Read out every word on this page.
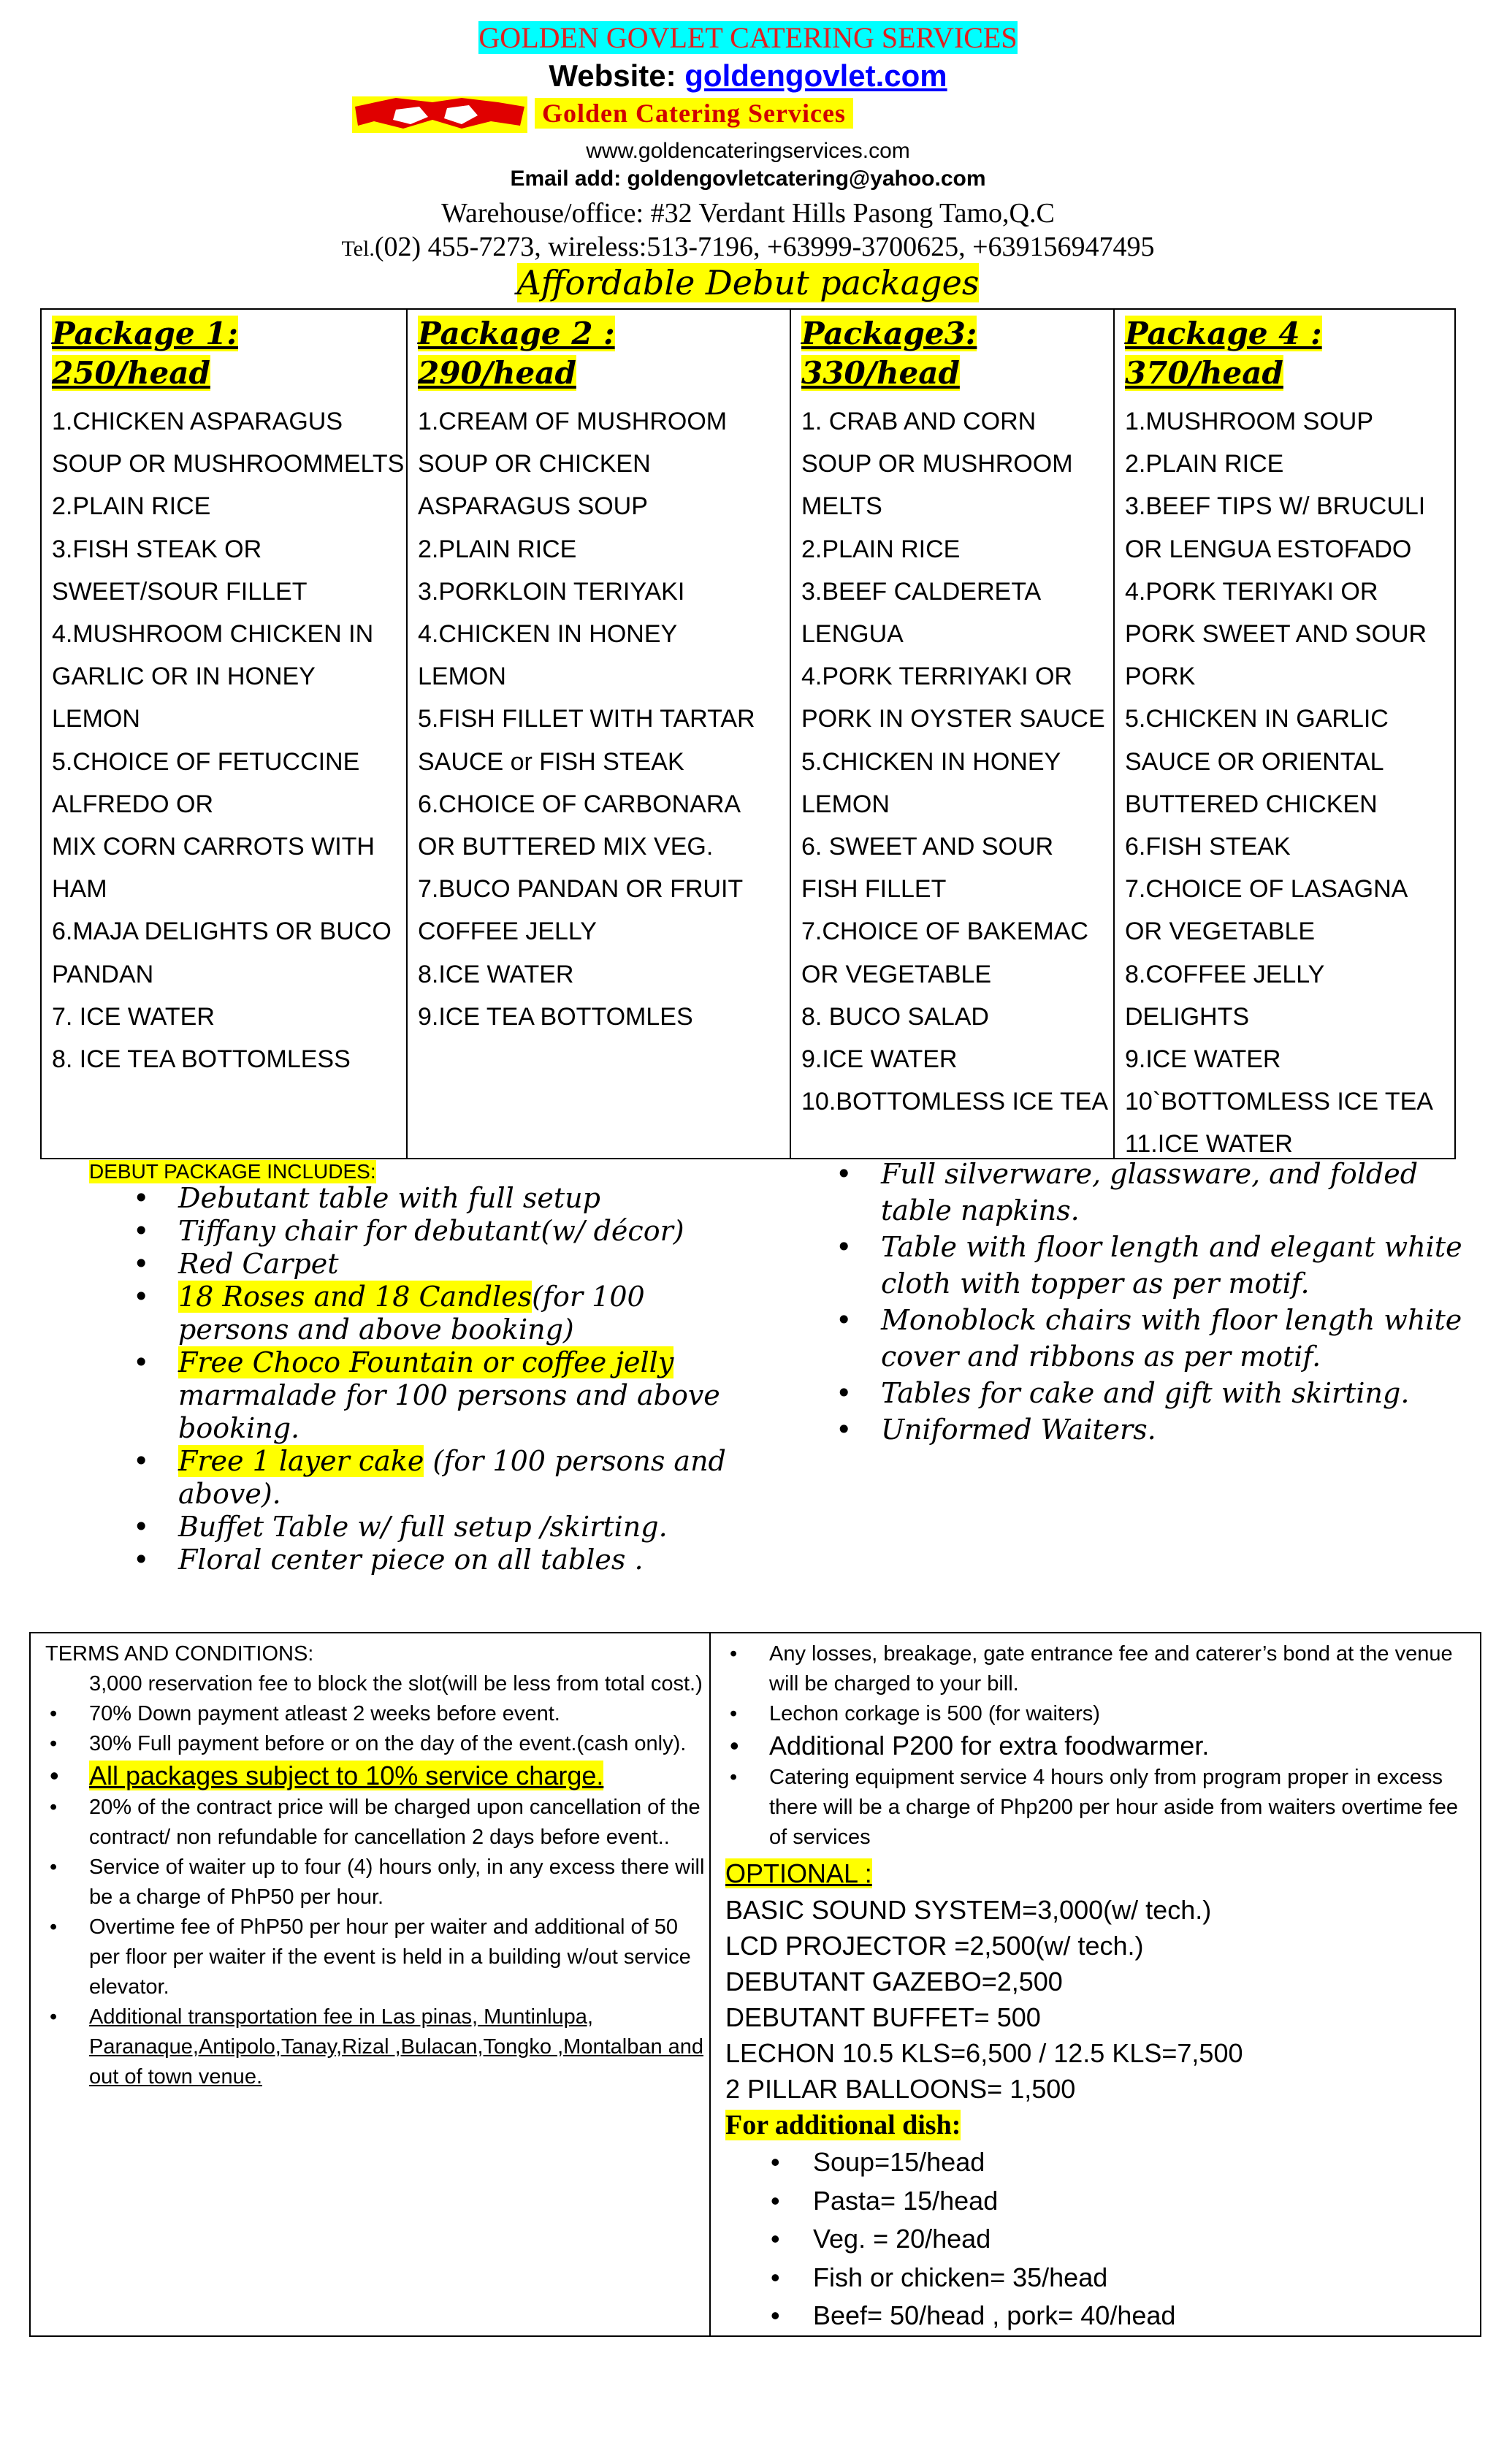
GOLDEN GOVLET CATERING SERVICES
Website: goldengovlet.com
Golden Catering Services
www.goldencateringservices.com
Email add: goldengovletcatering@yahoo.com
Warehouse/office: #32 Verdant Hills Pasong Tamo,Q.C
Tel.(02) 455-7273, wireless:513-7196, +63999-3700625, +639156947495
Affordable Debut packages
Package 1:
250/head
1.CHICKEN ASPARAGUS
SOUP OR MUSHROOMMELTS
2.PLAIN RICE
3.FISH STEAK OR
SWEET/SOUR FILLET
4.MUSHROOM CHICKEN IN
GARLIC OR IN HONEY
LEMON
5.CHOICE OF FETUCCINE
ALFREDO OR
MIX CORN CARROTS WITH
HAM
6.MAJA DELIGHTS OR BUCO
PANDAN
7. ICE WATER
8. ICE TEA BOTTOMLESS
Package 2 :
290/head
1.CREAM OF MUSHROOM
SOUP OR CHICKEN
ASPARAGUS SOUP
2.PLAIN RICE
3.PORKLOIN TERIYAKI
4.CHICKEN IN HONEY
LEMON
5.FISH FILLET WITH TARTAR
SAUCE or FISH STEAK
6.CHOICE OF CARBONARA
OR BUTTERED MIX VEG.
7.BUCO PANDAN OR FRUIT
COFFEE JELLY
8.ICE WATER
9.ICE TEA BOTTOMLES
Package3:
330/head
1. CRAB AND CORN
SOUP OR MUSHROOM
MELTS
2.PLAIN RICE
3.BEEF CALDERETA
LENGUA
4.PORK TERRIYAKI OR
PORK IN OYSTER SAUCE
5.CHICKEN IN HONEY
LEMON
6. SWEET AND SOUR
FISH FILLET
7.CHOICE OF BAKEMAC
OR VEGETABLE
8. BUCO SALAD
9.ICE WATER
10.BOTTOMLESS ICE TEA
Package 4 :
370/head
1.MUSHROOM SOUP
2.PLAIN RICE
3.BEEF TIPS W/ BRUCULI
OR LENGUA ESTOFADO
4.PORK TERIYAKI OR
PORK SWEET AND SOUR
PORK
5.CHICKEN IN GARLIC
SAUCE OR ORIENTAL
BUTTERED CHICKEN
6.FISH STEAK
7.CHOICE OF LASAGNA
OR VEGETABLE
8.COFFEE JELLY
DELIGHTS
9.ICE WATER
10`BOTTOMLESS ICE TEA
11.ICE WATER
DEBUT PACKAGE INCLUDES:
• Debutant table with full setup
• Tiffany chair for debutant(w/ décor)
• Red Carpet
• 18 Roses and 18 Candles(for 100 persons and above booking)
• Free Choco Fountain or coffee jelly marmalade for 100 persons and above booking.
• Free 1 layer cake (for 100 persons and above).
• Buffet Table w/ full setup /skirting.
• Floral center piece on all tables .
• Full silverware, glassware, and folded table napkins.
• Table with floor length and elegant white cloth with topper as per motif.
• Monoblock chairs with floor length white cover and ribbons as per motif.
• Tables for cake and gift with skirting.
• Uniformed Waiters.
TERMS AND CONDITIONS:
3,000 reservation fee to block the slot(will be less from total cost.)
• 70% Down payment atleast 2 weeks before event.
• 30% Full payment before or on the day of the event.(cash only).
• All packages subject to 10% service charge.
• 20% of the contract price will be charged upon cancellation of the contract/ non refundable for cancellation 2 days before event..
• Service of waiter up to four (4) hours only, in any excess there will be a charge of PhP50 per hour.
• Overtime fee of PhP50 per hour per waiter and additional of 50 per floor per waiter if the event is held in a building w/out service elevator.
• Additional transportation fee in Las pinas, Muntinlupa, Paranaque,Antipolo,Tanay,Rizal ,Bulacan,Tongko ,Montalban and out of town venue.
• Any losses, breakage, gate entrance fee and caterer’s bond at the venue will be charged to your bill.
• Lechon corkage is 500 (for waiters)
• Additional P200 for extra foodwarmer.
• Catering equipment service 4 hours only from program proper in excess there will be a charge of Php200 per hour aside from waiters overtime fee of services
OPTIONAL :
BASIC SOUND SYSTEM=3,000(w/ tech.)
LCD PROJECTOR =2,500(w/ tech.)
DEBUTANT GAZEBO=2,500
DEBUTANT BUFFET= 500
LECHON 10.5 KLS=6,500 / 12.5 KLS=7,500
2 PILLAR BALLOONS= 1,500
For additional dish:
• Soup=15/head
• Pasta= 15/head
• Veg. = 20/head
• Fish or chicken= 35/head
• Beef= 50/head , pork= 40/head
